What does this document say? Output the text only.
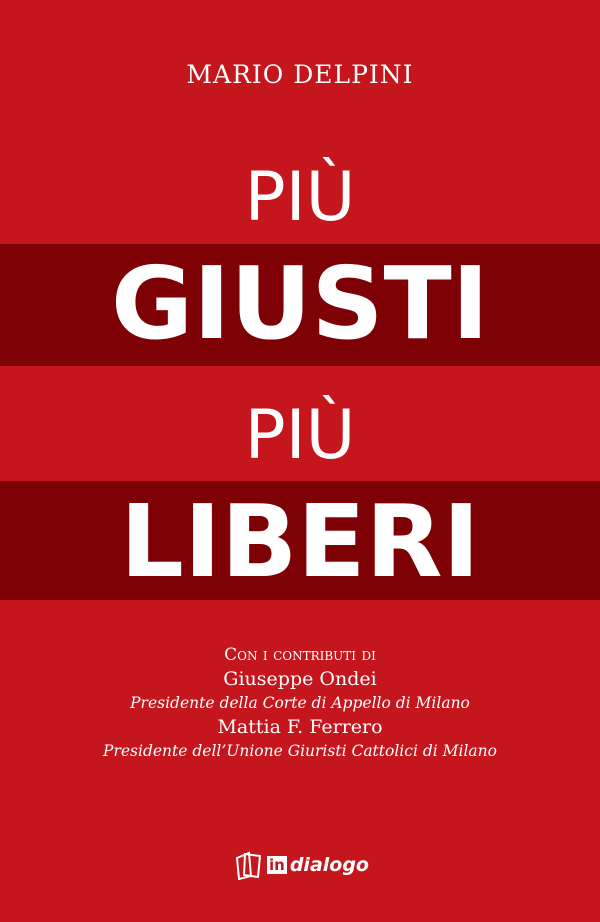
MARIO DELPINI
PIÙ
GIUSTI
PIÙ
LIBERI
Con i contributi di
Giuseppe Ondei
Presidente della Corte di Appello di Milano
Mattia F. Ferrero
Presidente dell’Unione Giuristi Cattolici di Milano
in dialogo
